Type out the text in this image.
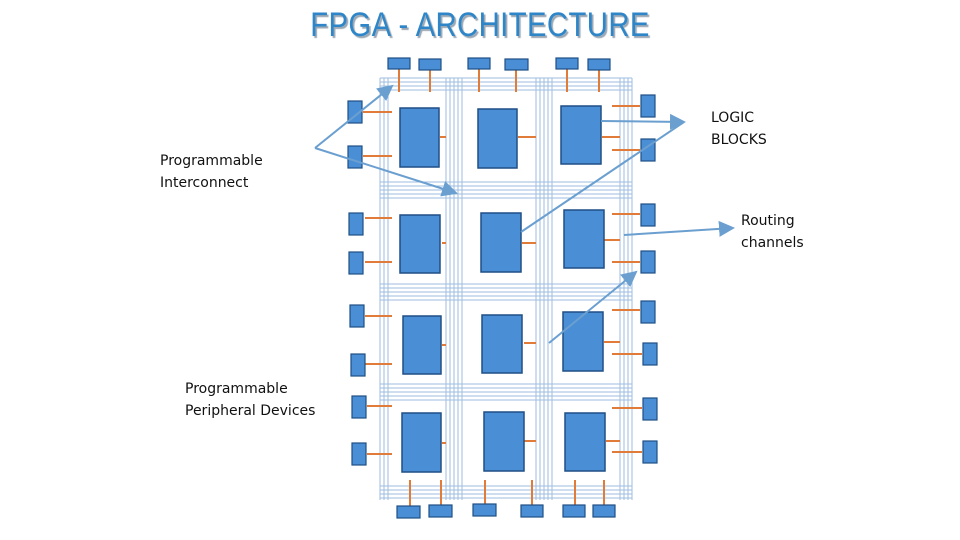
FPGA - ARCHITECTURE
Programmable
Interconnect
LOGIC
BLOCKS
Routing
channels
Programmable
Peripheral Devices
